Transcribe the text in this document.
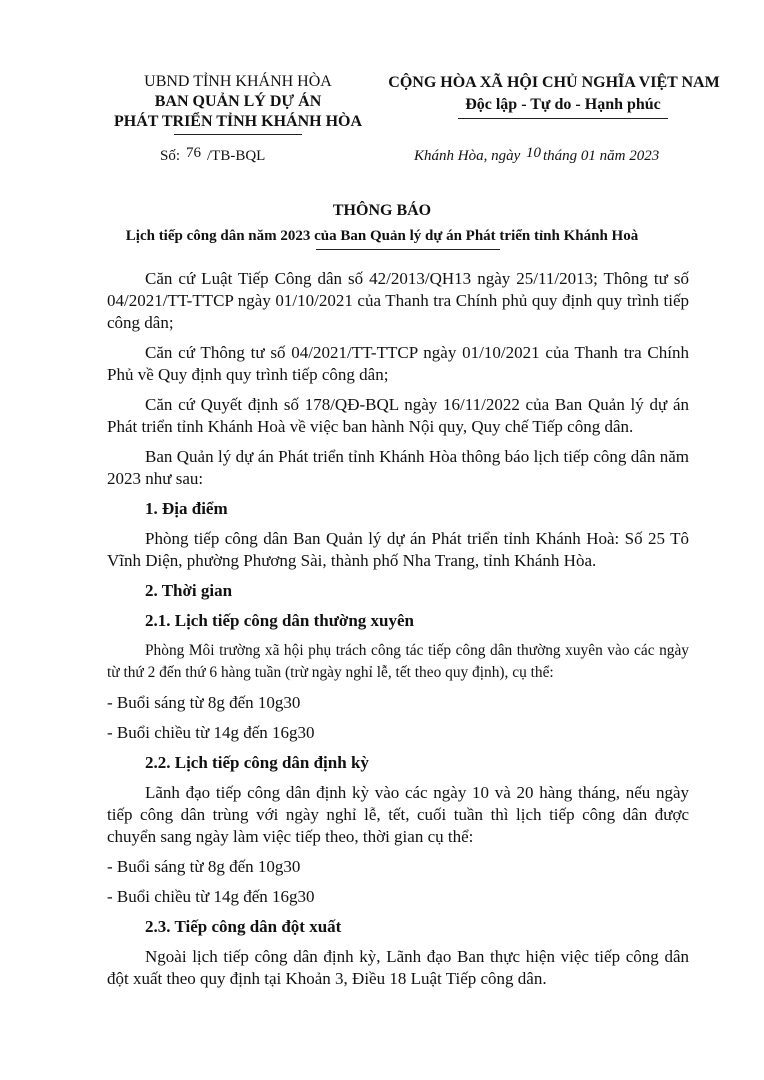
UBND TỈNH KHÁNH HÒA
BAN QUẢN LÝ DỰ ÁN
PHÁT TRIỂN TỈNH KHÁNH HÒA
CỘNG HÒA XÃ HỘI CHỦ NGHĨA VIỆT NAM
Độc lập - Tự do - Hạnh phúc
Số: 76 /TB-BQL	Khánh Hòa, ngày 10 tháng 01 năm 2023
THÔNG BÁO
Lịch tiếp công dân năm 2023 của Ban Quản lý dự án Phát triển tỉnh Khánh Hoà

Căn cứ Luật Tiếp Công dân số 42/2013/QH13 ngày 25/11/2013; Thông tư số 04/2021/TT-TTCP ngày 01/10/2021 của Thanh tra Chính phủ quy định quy trình tiếp công dân;

Căn cứ Thông tư số 04/2021/TT-TTCP ngày 01/10/2021 của Thanh tra Chính Phủ về Quy định quy trình tiếp công dân;

Căn cứ Quyết định số 178/QĐ-BQL ngày 16/11/2022 của Ban Quản lý dự án Phát triển tỉnh Khánh Hoà về việc ban hành Nội quy, Quy chế Tiếp công dân.

Ban Quản lý dự án Phát triển tỉnh Khánh Hòa thông báo lịch tiếp công dân năm 2023 như sau:

1. Địa điểm

Phòng tiếp công dân Ban Quản lý dự án Phát triển tỉnh Khánh Hoà: Số 25 Tô Vĩnh Diện, phường Phương Sài, thành phố Nha Trang, tỉnh Khánh Hòa.

2. Thời gian

2.1. Lịch tiếp công dân thường xuyên

Phòng Môi trường xã hội phụ trách công tác tiếp công dân thường xuyên vào các ngày từ thứ 2 đến thứ 6 hàng tuần (trừ ngày nghỉ lễ, tết theo quy định), cụ thể:

- Buổi sáng từ 8g đến 10g30

- Buổi chiều từ 14g đến 16g30

2.2. Lịch tiếp công dân định kỳ

Lãnh đạo tiếp công dân định kỳ vào các ngày 10 và 20 hàng tháng, nếu ngày tiếp công dân trùng với ngày nghỉ lễ, tết, cuối tuần thì lịch tiếp công dân được chuyển sang ngày làm việc tiếp theo, thời gian cụ thể:

- Buổi sáng từ 8g đến 10g30

- Buổi chiều từ 14g đến 16g30

2.3. Tiếp công dân đột xuất

Ngoài lịch tiếp công dân định kỳ, Lãnh đạo Ban thực hiện việc tiếp công dân đột xuất theo quy định tại Khoản 3, Điều 18 Luật Tiếp công dân.
